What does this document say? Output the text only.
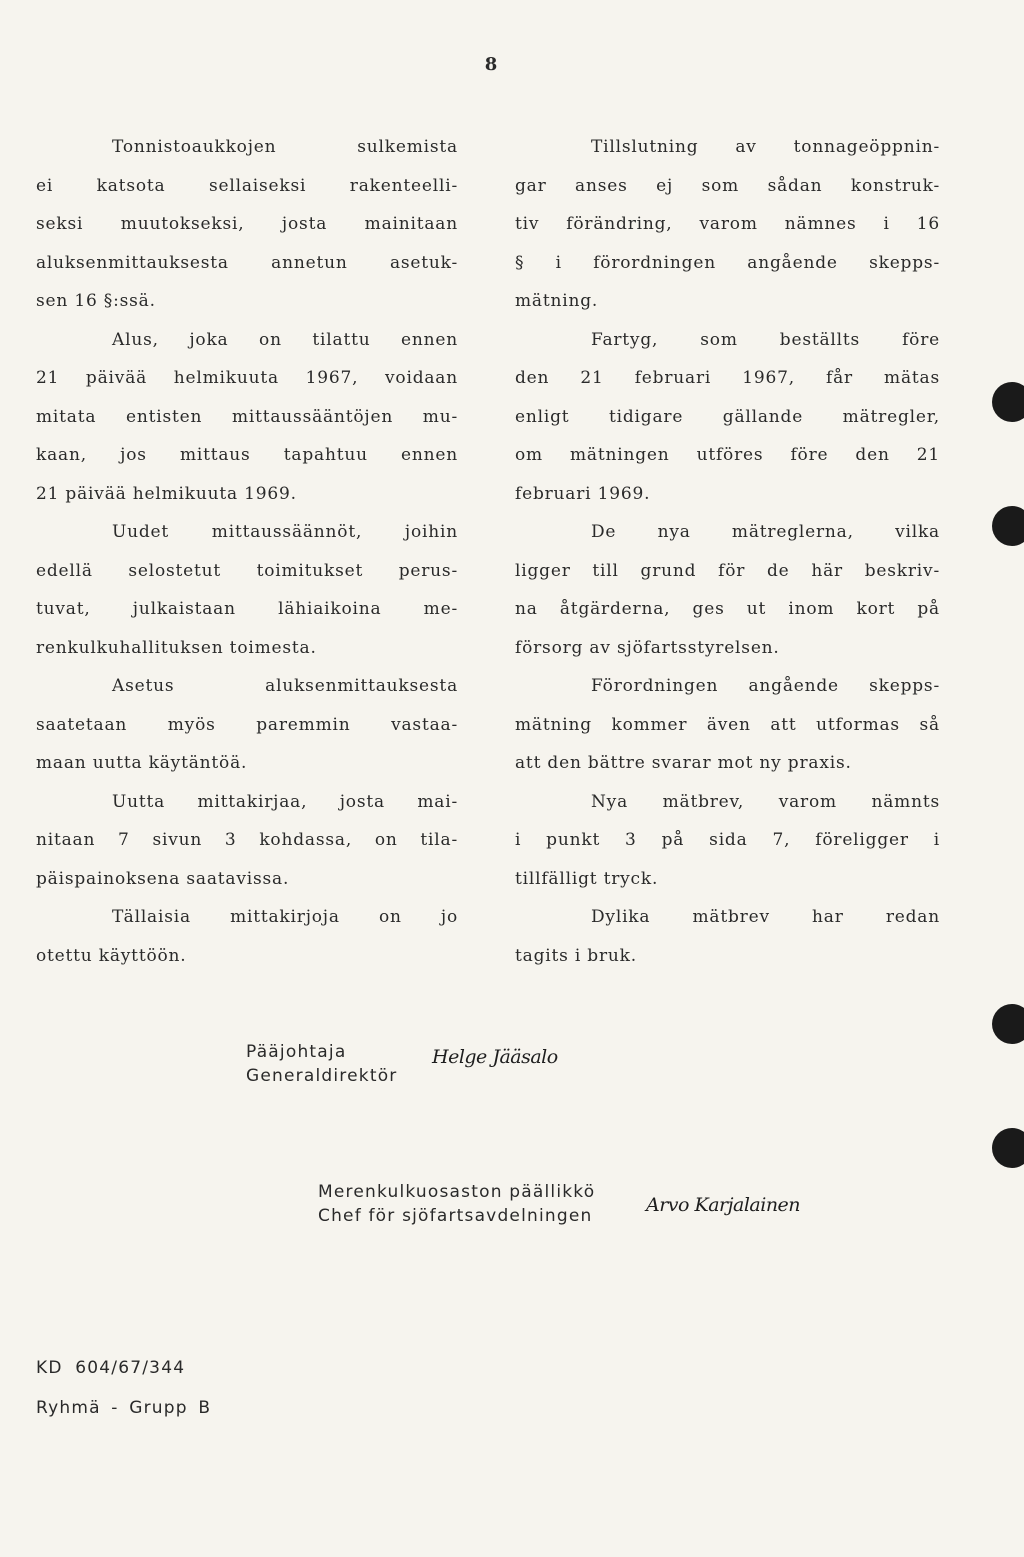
8
Tonnistoaukkojen sulkemista
ei katsota sellaiseksi rakenteelli-
seksi muutokseksi, josta mainitaan
aluksenmittauksesta annetun asetuk-
sen 16 §:ssä.
Alus, joka on tilattu ennen
21 päivää helmikuuta 1967, voidaan
mitata entisten mittaussääntöjen mu-
kaan, jos mittaus tapahtuu ennen
21 päivää helmikuuta 1969.
Uudet mittaussäännöt, joihin
edellä selostetut toimitukset perus-
tuvat, julkaistaan lähiaikoina me-
renkulkuhallituksen toimesta.
Asetus aluksenmittauksesta
saatetaan myös paremmin vastaa-
maan uutta käytäntöä.
Uutta mittakirjaa, josta mai-
nitaan 7 sivun 3 kohdassa, on tila-
päispainoksena saatavissa.
Tällaisia mittakirjoja on jo
otettu käyttöön.
Tillslutning av tonnageöppnin-
gar anses ej som sådan konstruk-
tiv förändring, varom nämnes i 16
§ i förordningen angående skepps-
mätning.
Fartyg, som beställts före
den 21 februari 1967, får mätas
enligt tidigare gällande mätregler,
om mätningen utföres före den 21
februari 1969.
De nya mätreglerna, vilka
ligger till grund för de här beskriv-
na åtgärderna, ges ut inom kort på
försorg av sjöfartsstyrelsen.
Förordningen angående skepps-
mätning kommer även att utformas så
att den bättre svarar mot ny praxis.
Nya mätbrev, varom nämnts
i punkt 3 på sida 7, föreligger i
tillfälligt tryck.
Dylika mätbrev har redan
tagits i bruk.
Pääjohtaja
Generaldirektör
Helge Jääsalo
Merenkulkuosaston päällikkö
Chef för sjöfartsavdelningen	Arvo Karjalainen
KD 604/67/344
Ryhmä - Grupp B
